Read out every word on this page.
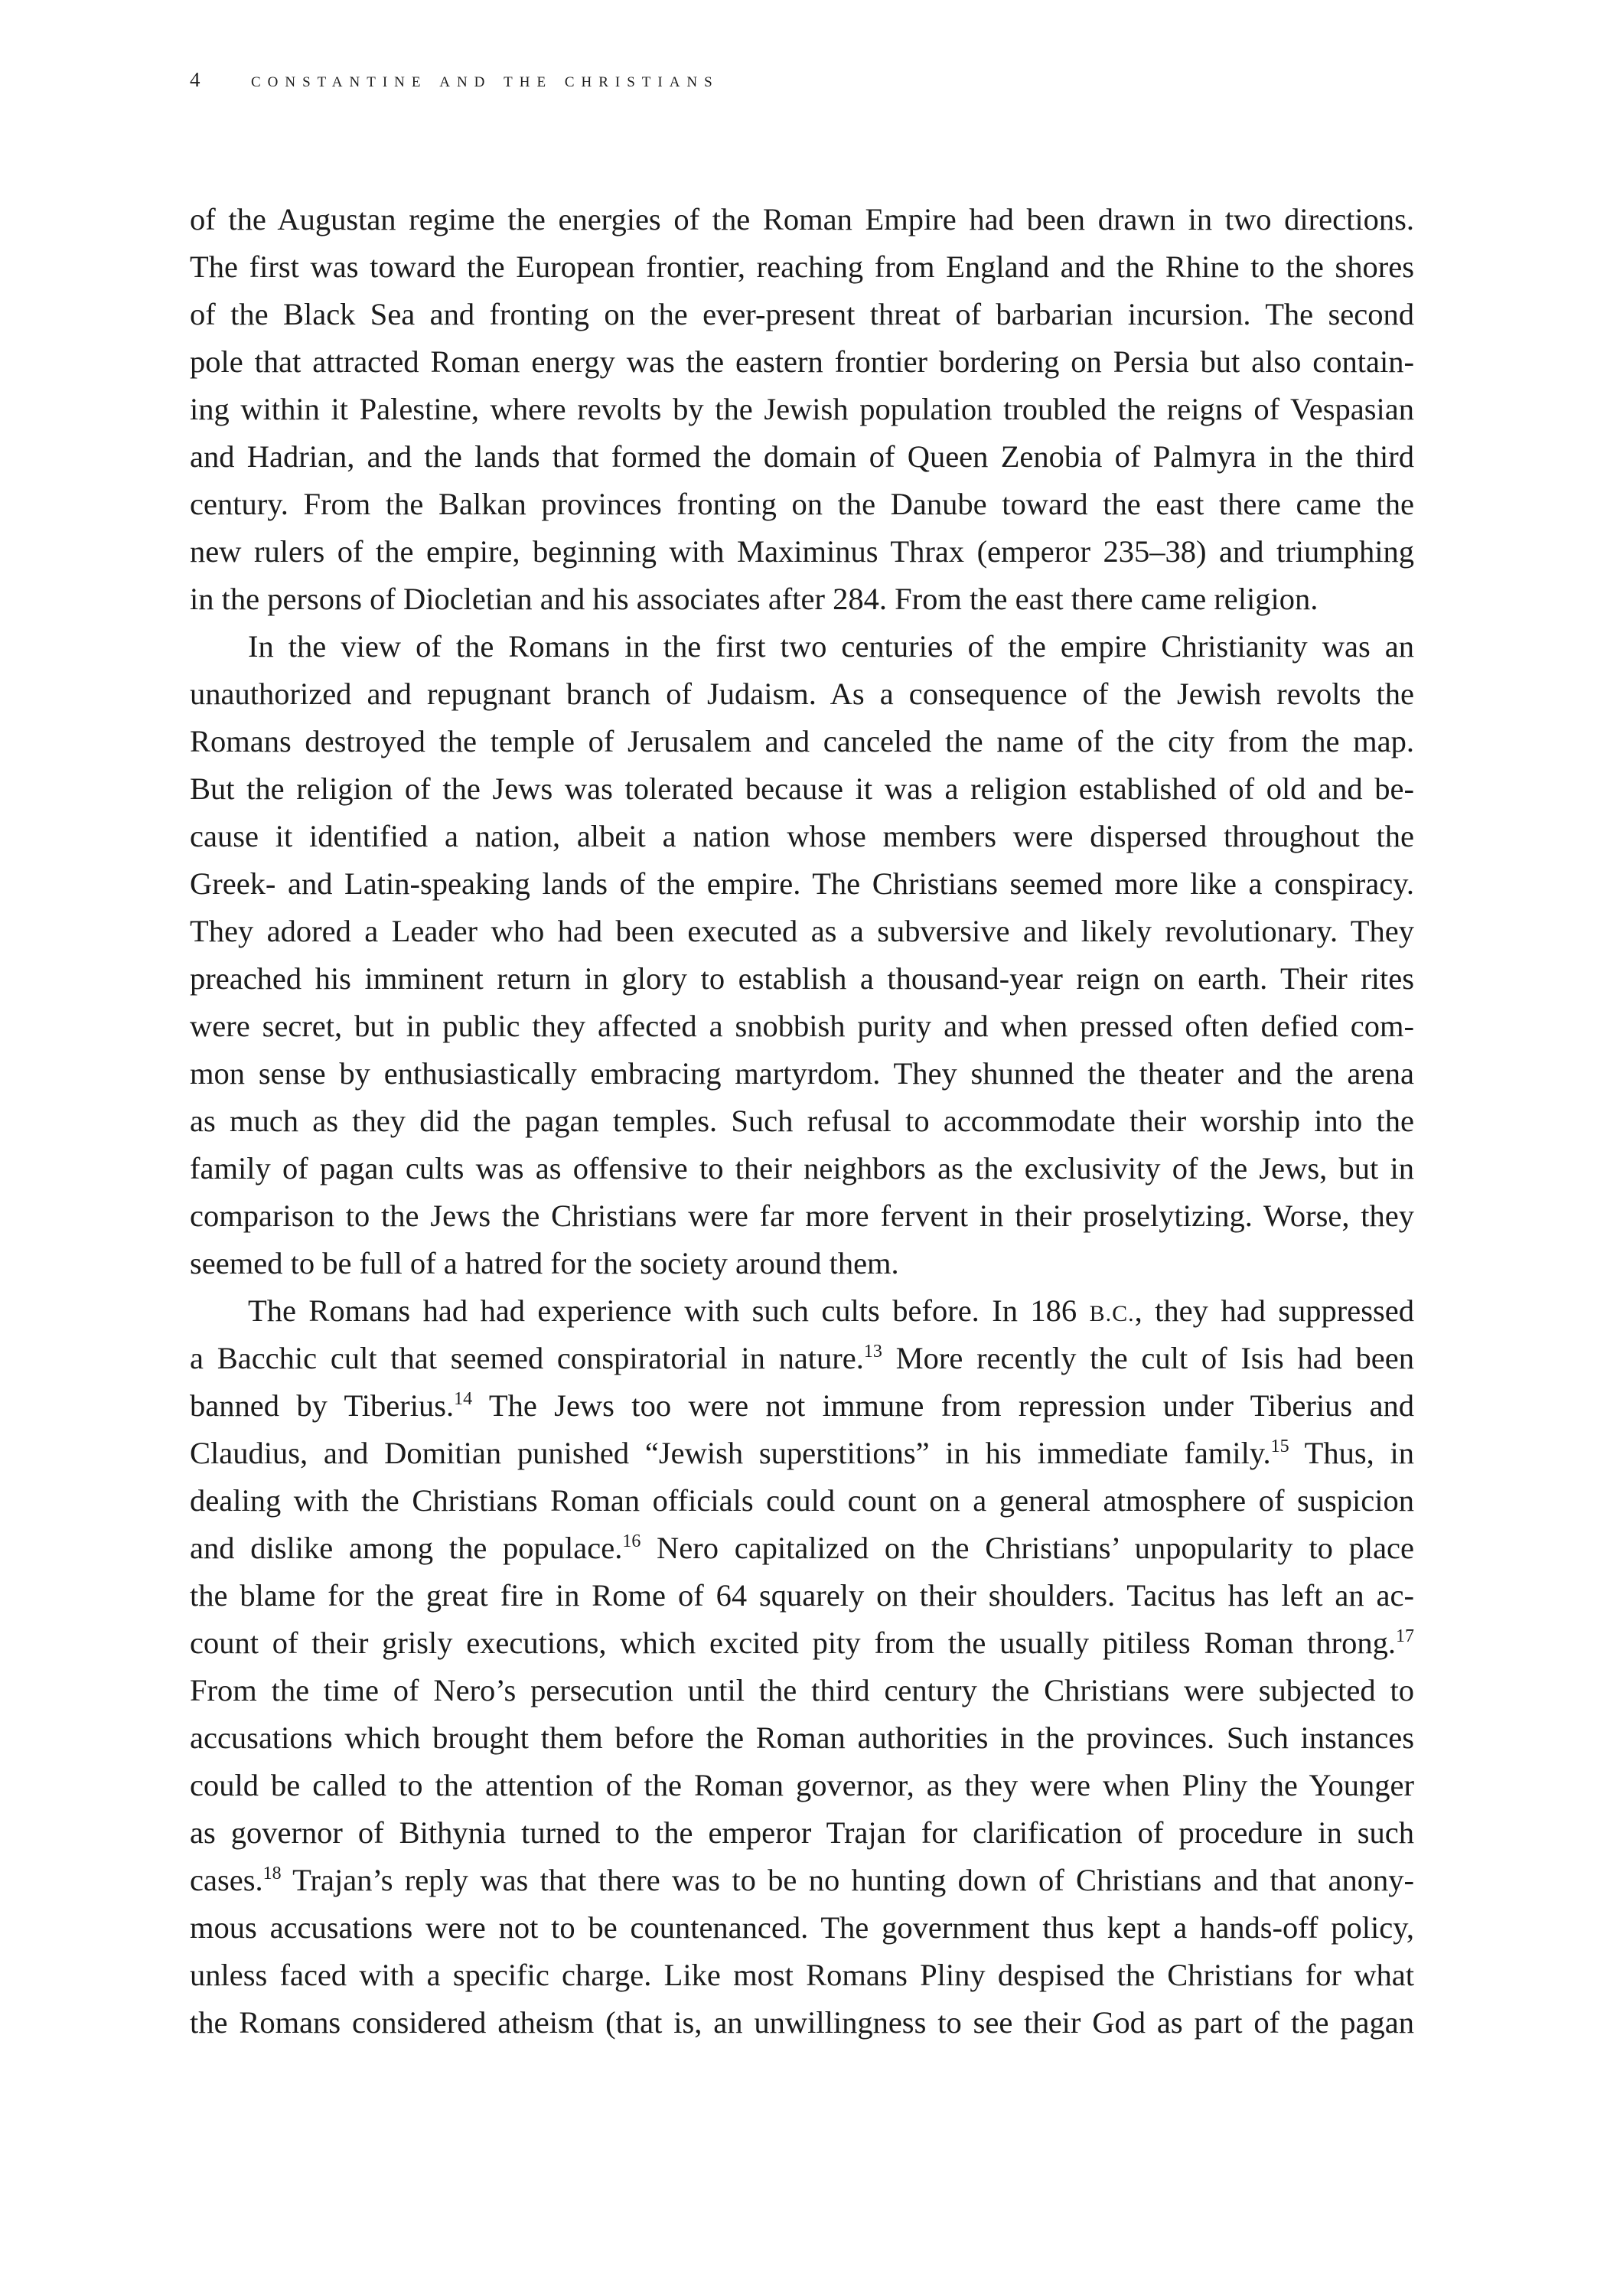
4	constantine and the christians
of the Augustan regime the energies of the Roman Empire had been drawn in two directions.
The first was toward the European frontier, reaching from England and the Rhine to the shores
of the Black Sea and fronting on the ever-present threat of barbarian incursion. The second
pole that attracted Roman energy was the eastern frontier bordering on Persia but also contain-
ing within it Palestine, where revolts by the Jewish population troubled the reigns of Vespasian
and Hadrian, and the lands that formed the domain of Queen Zenobia of Palmyra in the third
century. From the Balkan provinces fronting on the Danube toward the east there came the
new rulers of the empire, beginning with Maximinus Thrax (emperor 235–38) and triumphing
in the persons of Diocletian and his associates after 284. From the east there came religion.
In the view of the Romans in the first two centuries of the empire Christianity was an
unauthorized and repugnant branch of Judaism. As a consequence of the Jewish revolts the
Romans destroyed the temple of Jerusalem and canceled the name of the city from the map.
But the religion of the Jews was tolerated because it was a religion established of old and be-
cause it identified a nation, albeit a nation whose members were dispersed throughout the
Greek- and Latin-speaking lands of the empire. The Christians seemed more like a conspiracy.
They adored a Leader who had been executed as a subversive and likely revolutionary. They
preached his imminent return in glory to establish a thousand-year reign on earth. Their rites
were secret, but in public they affected a snobbish purity and when pressed often defied com-
mon sense by enthusiastically embracing martyrdom. They shunned the theater and the arena
as much as they did the pagan temples. Such refusal to accommodate their worship into the
family of pagan cults was as offensive to their neighbors as the exclusivity of the Jews, but in
comparison to the Jews the Christians were far more fervent in their proselytizing. Worse, they
seemed to be full of a hatred for the society around them.
The Romans had had experience with such cults before. In 186 B.C., they had suppressed
a Bacchic cult that seemed conspiratorial in nature.$^{13}$ More recently the cult of Isis had been
banned by Tiberius.$^{14}$ The Jews too were not immune from repression under Tiberius and
Claudius, and Domitian punished “Jewish superstitions” in his immediate family.$^{15}$ Thus, in
dealing with the Christians Roman officials could count on a general atmosphere of suspicion
and dislike among the populace.$^{16}$ Nero capitalized on the Christians’ unpopularity to place
the blame for the great fire in Rome of 64 squarely on their shoulders. Tacitus has left an ac-
count of their grisly executions, which excited pity from the usually pitiless Roman throng.$^{17}$
From the time of Nero’s persecution until the third century the Christians were subjected to
accusations which brought them before the Roman authorities in the provinces. Such instances
could be called to the attention of the Roman governor, as they were when Pliny the Younger
as governor of Bithynia turned to the emperor Trajan for clarification of procedure in such
cases.$^{18}$ Trajan’s reply was that there was to be no hunting down of Christians and that anony-
mous accusations were not to be countenanced. The government thus kept a hands-off policy,
unless faced with a specific charge. Like most Romans Pliny despised the Christians for what
the Romans considered atheism (that is, an unwillingness to see their God as part of the pagan
